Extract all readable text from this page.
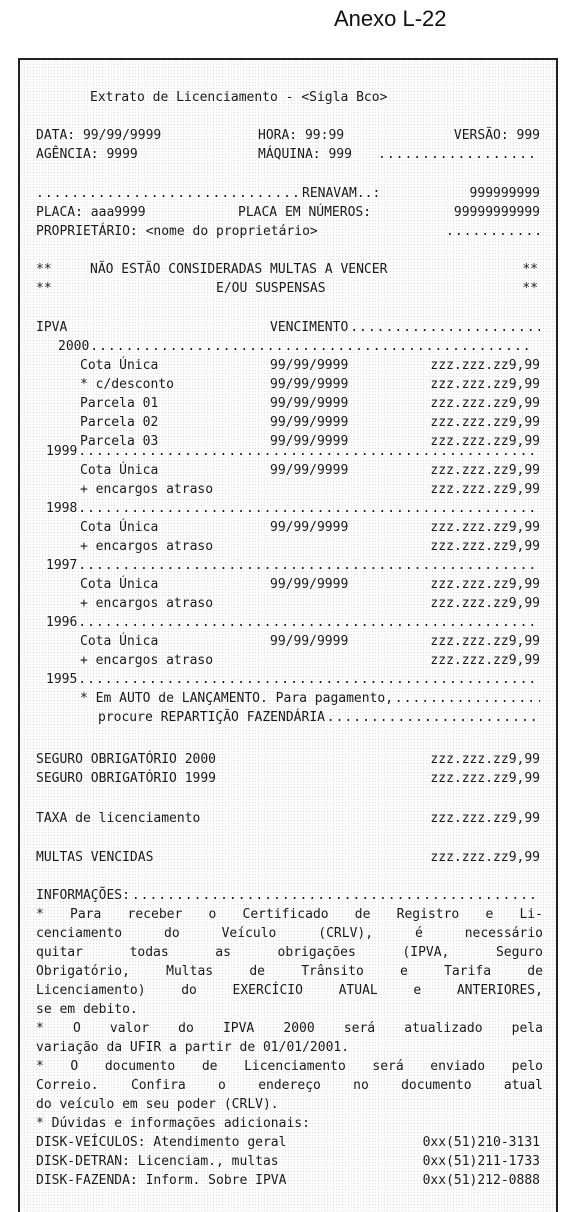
Anexo L-22
Extrato de Licenciamento - <Sigla Bco>
DATA: 99/99/9999	HORA: 99:99	VERSÃO: 999
AGÊNCIA: 9999	MÁQUINA: 999
.....
.....
RENAVAM..:	999999999
PLACA: aaa9999	PLACA EM NÚMEROS:	99999999999
PROPRIETÁRIO: <nome do proprietário>
.....
**	NÃO ESTÃO CONSIDERADAS MULTAS A VENCER	**
**	E/OU SUSPENSAS	**
IPVA	VENCIMENTO
.....
2000
.....
Cota Única	99/99/9999	zzz.zzz.zz9,99
* c/desconto	99/99/9999	zzz.zzz.zz9,99
Parcela 01	99/99/9999	zzz.zzz.zz9,99
Parcela 02	99/99/9999	zzz.zzz.zz9,99
Parcela 03	99/99/9999	zzz.zzz.zz9,99
1999
.....
Cota Única	99/99/9999	zzz.zzz.zz9,99
+ encargos atraso	zzz.zzz.zz9,99
1998
.....
Cota Única	99/99/9999	zzz.zzz.zz9,99
+ encargos atraso	zzz.zzz.zz9,99
1997
.....
Cota Única	99/99/9999	zzz.zzz.zz9,99
+ encargos atraso	zzz.zzz.zz9,99
1996
.....
Cota Única	99/99/9999	zzz.zzz.zz9,99
+ encargos atraso	zzz.zzz.zz9,99
1995
.....
* Em AUTO de LANÇAMENTO. Para pagamento,
.....
procure REPARTIÇÃO FAZENDÁRIA
.....
SEGURO OBRIGATÓRIO 2000	zzz.zzz.zz9,99
SEGURO OBRIGATÓRIO 1999	zzz.zzz.zz9,99
TAXA de licenciamento	zzz.zzz.zz9,99
MULTAS VENCIDAS	zzz.zzz.zz9,99
INFORMAÇÕES:
.....
* Para receber o Certificado de Registro e Li-
cenciamento	do	Veículo	(CRLV),	é	necessário
quitar	todas	as	obrigações	(IPVA,	Seguro
Obrigatório,	Multas	de	Trânsito	e	Tarifa	de
Licenciamento)	do	EXERCÍCIO	ATUAL	e	ANTERIORES,
se em debito.
* O valor do IPVA 2000 será atualizado pela
variação da UFIR a partir de 01/01/2001.
* O documento de Licenciamento será enviado pelo
Correio. Confira o endereço no documento atual
do veículo em seu poder (CRLV).
* Dúvidas e informações adicionais:
DISK-VEÍCULOS: Atendimento geral	0xx(51)210-3131
DISK-DETRAN: Licenciam., multas	0xx(51)211-1733
DISK-FAZENDA: Inform. Sobre IPVA	0xx(51)212-0888
